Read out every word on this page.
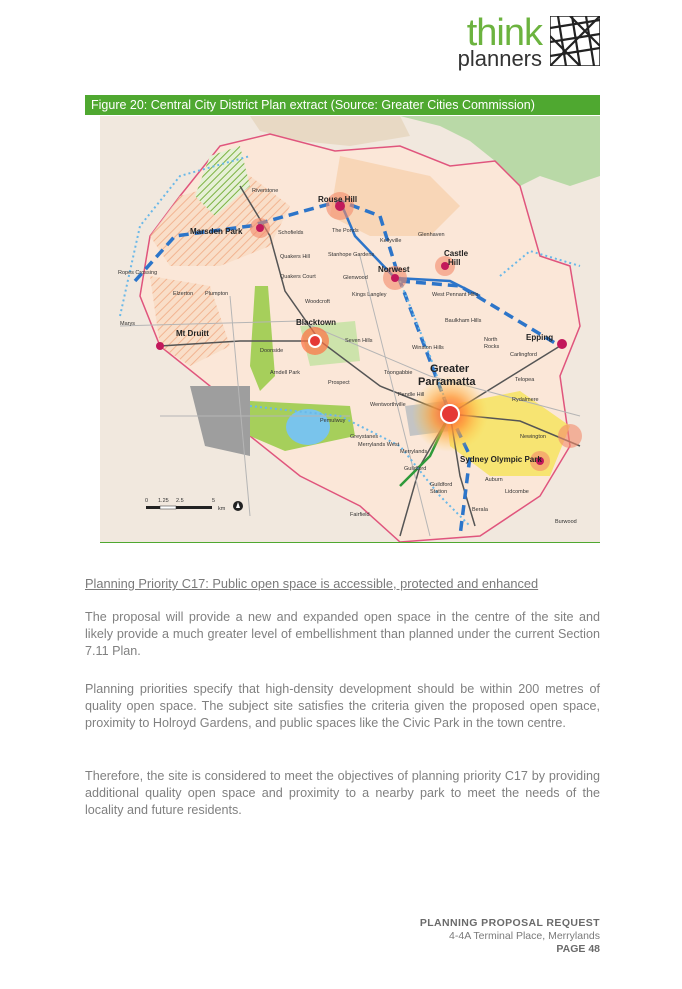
think
planners
Figure 20: Central City District Plan extract (Source: Greater Cities Commission)
Riverstone
Schofields	The Ponds
Kellyville
Glenhaven
Quakers Hill	Stanhope Gardens
Ropes Crossing
Quakers Court	Glenwood
Woodcroft
Kings Langley	West Pennant Hills
Baulkham Hills
Elzerton Plumpton
Marys
Doonside
Seven Hills
Winston Hills
North
Rocks
Carlingford
Arndell Park
Prospect
Toongabbie
Pendle Hill
Wentworthville
Telopea
Rydalmere
Pemulwuy
Greystanes
Merrylands West
Merrylands
Newington
Guildford
Guildford
Station
Auburn
Lidcombe
Berala
Fairfield
Burwood
Rouse Hill
Marsden Park
Castle
Hill
Norwest
Blacktown
Mt Druitt	Epping
Greater
Parramatta
Sydney Olympic Park
0 1.25 2.5	5
km
Planning Priority C17: Public open space is accessible, protected and enhanced

The proposal will provide a new and expanded open space in the centre of the site and likely provide a much greater level of embellishment than planned under the current Section 7.11 Plan.

Planning priorities specify that high-density development should be within 200 metres of quality open space. The subject site satisfies the criteria given the proposed open space, proximity to Holroyd Gardens, and public spaces like the Civic Park in the town centre.

Therefore, the site is considered to meet the objectives of planning priority C17 by providing additional quality open space and proximity to a nearby park to meet the needs of the locality and future residents.

PLANNING PROPOSAL REQUEST
4-4A Terminal Place, Merrylands
PAGE 48
